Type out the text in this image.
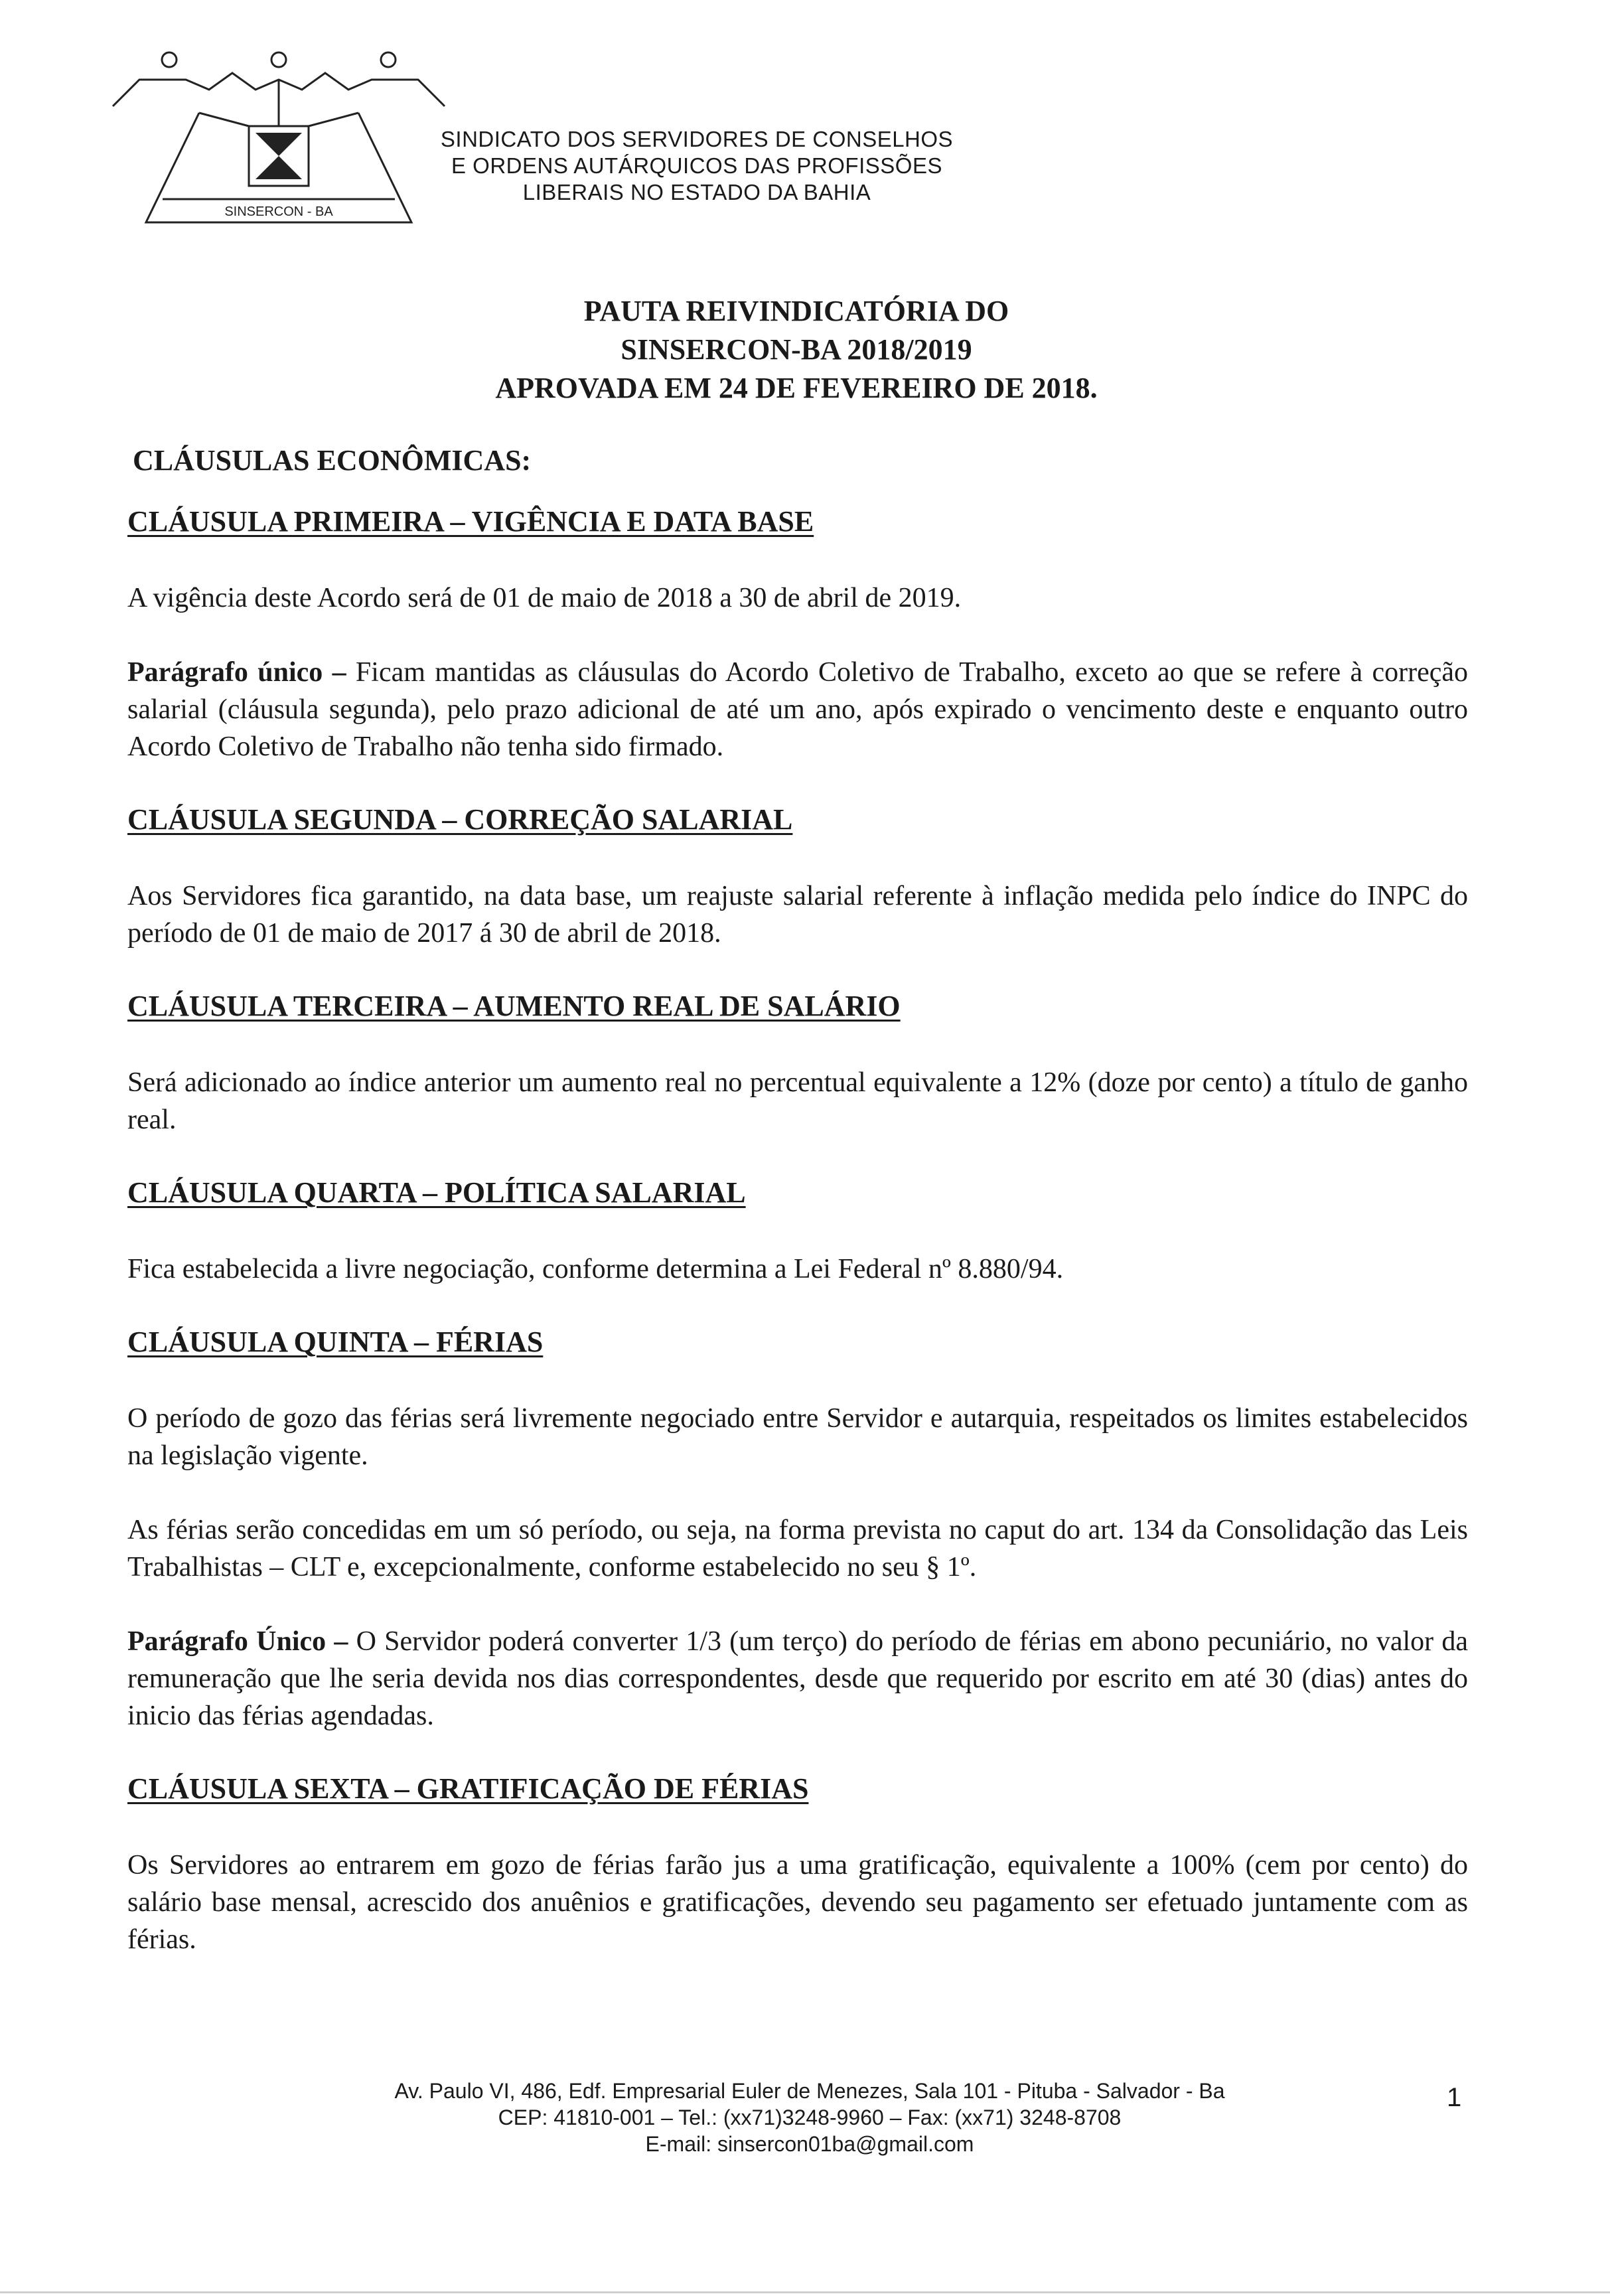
SINSERCON - BA
SINDICATO DOS SERVIDORES DE CONSELHOS
E ORDENS AUTÁRQUICOS DAS PROFISSÕES
LIBERAIS NO ESTADO DA BAHIA
PAUTA REIVINDICATÓRIA DO
SINSERCON-BA 2018/2019
APROVADA EM 24 DE FEVEREIRO DE 2018.
CLÁUSULAS ECONÔMICAS:
CLÁUSULA PRIMEIRA – VIGÊNCIA E DATA BASE

A vigência deste Acordo será de 01 de maio de 2018 a 30 de abril de 2019.

Parágrafo único – Ficam mantidas as cláusulas do Acordo Coletivo de Trabalho, exceto ao que se refere à correção salarial (cláusula segunda), pelo prazo adicional de até um ano, após expirado o vencimento deste e enquanto outro Acordo Coletivo de Trabalho não tenha sido firmado.

CLÁUSULA SEGUNDA – CORREÇÃO SALARIAL

Aos Servidores fica garantido, na data base, um reajuste salarial referente à inflação medida pelo índice do INPC do período de 01 de maio de 2017 á 30 de abril de 2018.

CLÁUSULA TERCEIRA – AUMENTO REAL DE SALÁRIO

Será adicionado ao índice anterior um aumento real no percentual equivalente a 12% (doze por cento) a título de ganho real.

CLÁUSULA QUARTA – POLÍTICA SALARIAL

Fica estabelecida a livre negociação, conforme determina a Lei Federal nº 8.880/94.

CLÁUSULA QUINTA – FÉRIAS

O período de gozo das férias será livremente negociado entre Servidor e autarquia, respeitados os limites estabelecidos na legislação vigente.

As férias serão concedidas em um só período, ou seja, na forma prevista no caput do art. 134 da Consolidação das Leis Trabalhistas – CLT e, excepcionalmente, conforme estabelecido no seu § 1º.

Parágrafo Único – O Servidor poderá converter 1/3 (um terço) do período de férias em abono pecuniário, no valor da remuneração que lhe seria devida nos dias correspondentes, desde que requerido por escrito em até 30 (dias) antes do inicio das férias agendadas.

CLÁUSULA SEXTA – GRATIFICAÇÃO DE FÉRIAS

Os Servidores ao entrarem em gozo de férias farão jus a uma gratificação, equivalente a 100% (cem por cento) do salário base mensal, acrescido dos anuênios e gratificações, devendo seu pagamento ser efetuado juntamente com as férias.

Av. Paulo VI, 486, Edf. Empresarial Euler de Menezes, Sala 101 - Pituba - Salvador - Ba
CEP: 41810-001 – Tel.: (xx71)3248-9960 – Fax: (xx71) 3248-8708
E-mail: sinsercon01ba@gmail.com
1
